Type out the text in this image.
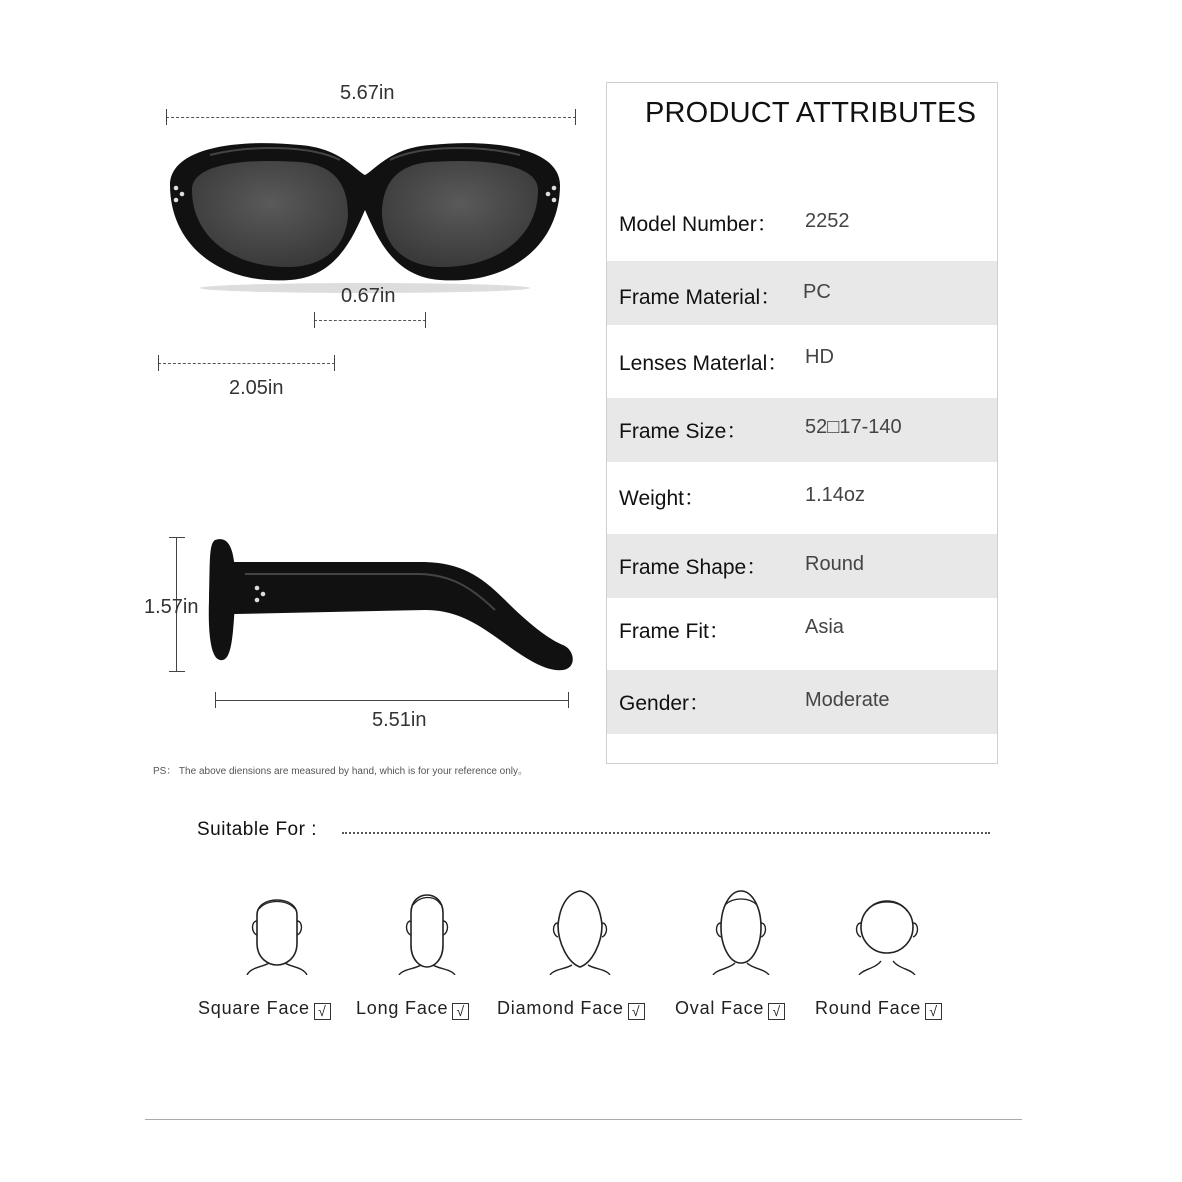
5.67in
0.67in
2.05in
1.57in
5.51in
PS： The above diensions are measured by hand, which is for your reference only。
PRODUCT ATTRIBUTES
Model Number： 2252
Frame Material： PC
Lenses Materlal： HD
Frame Size：	52□17-140
Weight：	1.14oz
Frame Shape： Round
Frame Fit：	Asia
Gender：	Moderate
Suitable For :
Square Face √ Long Face √ Diamond Face √ Oval Face √ Round Face √
